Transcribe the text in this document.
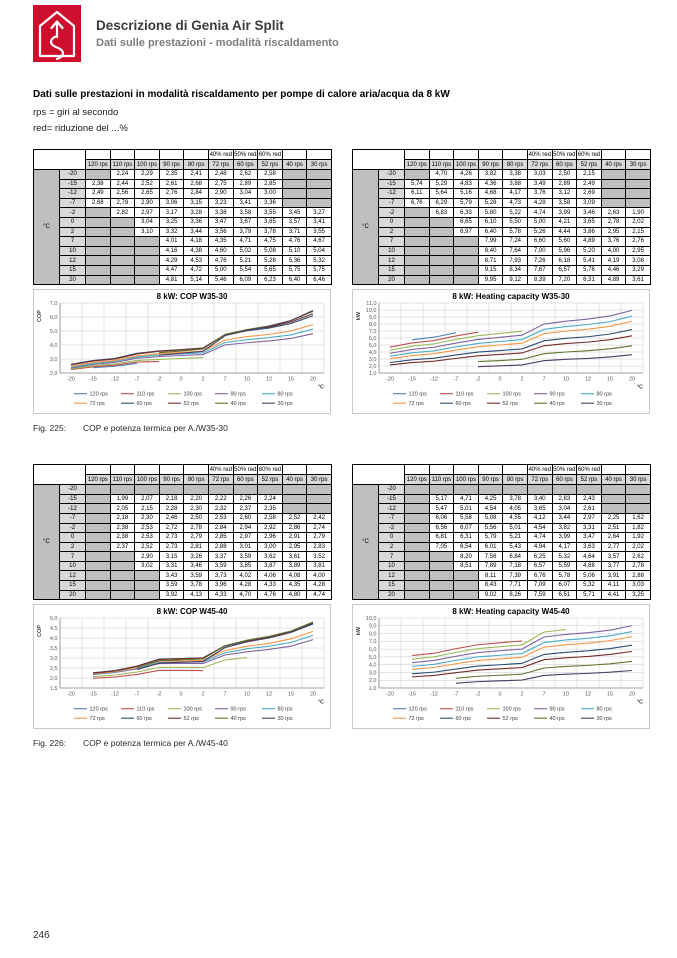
Descrizione di Genia Air Split
Dati sulle prestazioni - modalità riscaldamento

Dati sulle prestazioni in modalità riscaldamento per pompe di calore aria/acqua da 8 kW

rps = giri al secondo

red= riduzione del ...%

							40% red	50% red	60% red		
		120 rps	110 rps	100 rps	90 rps	80 rps	72 rps	60 rps	52 rps	40 rps	30 rps
°C	-20		2,24	2,29	2,35	2,41	2,48	2,62	2,58		
	-15	2,38	2,44	2,52	2,61	2,68	2,75	2,89	2,85		
	-12	2,49	2,56	2,65	2,76	2,84	2,90	3,04	3,00		
	-7	2,68	2,78	2,90	3,06	3,15	3,23	3,41	3,36		
	-2		2,82	2,97	3,17	3,28	3,38	3,58	3,55	3,45	3,27
	0			3,04	3,25	3,36	3,47	3,67	3,65	3,57	3,41
	2			3,10	3,32	3,44	3,56	3,79	3,78	3,71	3,55
	7				4,01	4,18	4,35	4,71	4,75	4,76	4,67
	10				4,16	4,38	4,60	5,02	5,08	5,10	5,04
	12				4,29	4,53	4,76	5,21	5,28	5,36	5,32
	15				4,47	4,72	5,00	5,54	5,65	5,75	5,75
	20				4,81	5,14	5,46	6,09	6,23	6,40	6,46
							40% red	50% red	60% red		
		120 rps	110 rps	100 rps	90 rps	80 rps	72 rps	60 rps	52 rps	40 rps	30 rps
°C	-20		4,70	4,26	3,82	3,38	3,03	2,50	2,15		
	-15	5,74	5,29	4,83	4,36	3,88	3,49	2,89	2,49		
	-12	6,11	5,64	5,16	4,68	4,17	3,76	3,12	2,69		
	-7	6,76	6,29	5,79	5,28	4,73	4,28	3,58	3,09		
	-2		6,83	6,33	5,80	5,22	4,74	3,99	3,46	2,63	1,90
	0			6,65	6,10	5,50	5,00	4,21	3,65	2,78	2,02
	2			6,97	6,40	5,78	5,26	4,44	3,86	2,95	2,15
	7				7,99	7,24	6,60	5,60	4,89	3,76	2,76
	10				8,40	7,64	7,00	5,96	5,20	4,00	2,95
	12				8,71	7,93	7,26	6,18	5,41	4,19	3,08
	15				9,15	8,34	7,67	6,57	5,76	4,46	3,29
	20				9,95	9,12	8,39	7,20	6,31	4,89	3,61
2,0
3,0
4,0
5,0
6,0
7,0
8 kW: COP W35-30
COP
-20	-15	-12	-7	-2	0	2	7	10	12	15	20
°C
120 rps	110 rps	100 rps	90 rps	80 rps
72 rps	60 rps	52 rps	40 rps	30 rps
1,0
2,0
3,0
4,0
5,0
6,0
7,0
8,0
9,0
10,0
11,0
8 kW: Heating capacity W35-30
kW
-20	-15	-12	-7	-2	0	2	7	10	12	15	20
°C
120 rps	110 rps	100 rps	90 rps	80 rps
72 rps	60 rps	52 rps	40 rps	30 rps
Fig. 225: COP e potenza termica per A./W35-30
							40% red	50% red	60% red		
		120 rps	110 rps	100 rps	90 rps	80 rps	72 rps	60 rps	52 rps	40 rps	30 rps
°C	-20										
	-15		1,99	2,07	2,18	2,20	2,22	2,26	2,24		
	-12		2,05	2,15	2,28	2,30	2,32	2,37	2,35		
	-7		2,18	2,30	2,46	2,50	2,53	2,60	2,58	2,52	2,42
	-2		2,38	2,53	2,72	2,78	2,84	2,94	2,92	2,86	2,74
	0		2,38	2,53	2,73	2,79	2,85	2,97	2,96	2,91	2,79
	2		2,37	2,52	2,73	2,81	2,88	3,01	3,00	2,95	2,83
	7			2,90	3,15	3,26	3,37	3,59	3,62	3,61	3,52
	10			3,02	3,31	3,46	3,59	3,85	3,87	3,89	3,81
	12				3,43	3,59	3,73	4,02	4,06	4,08	4,00
	15				3,59	3,78	3,96	4,28	4,33	4,35	4,28
	20				3,92	4,13	4,33	4,70	4,76	4,80	4,74
							40% red	50% red	60% red		
		120 rps	110 rps	100 rps	90 rps	80 rps	72 rps	60 rps	52 rps	40 rps	30 rps
°C	-20										
	-15		5,17	4,71	4,25	3,78	3,40	2,83	2,43		
	-12		5,47	5,01	4,54	4,05	3,65	3,04	2,61		
	-7		6,06	5,58	5,08	4,55	4,12	3,44	2,97	2,25	1,62
	-2		6,56	6,07	5,56	5,01	4,54	3,82	3,31	2,51	1,82
	0		6,81	6,31	5,79	5,21	4,74	3,99	3,47	2,64	1,92
	2		7,05	6,54	6,01	5,43	4,94	4,17	3,63	2,77	2,02
	7			8,20	7,56	6,84	6,25	5,32	4,64	3,57	2,62
	10			8,51	7,89	7,18	6,57	5,59	4,88	3,77	2,78
	12				8,11	7,39	6,76	5,78	5,06	3,91	2,88
	15				8,43	7,71	7,09	6,07	5,32	4,11	3,03
	20				9,02	8,26	7,59	6,51	5,71	4,41	3,25
1,5
2,0
2,5
3,0
3,5
4,0
4,5
5,0
8 kW: COP W45-40
COP
-20	-15	-12	-7	-2	0	2	7	10	12	15	20
°C
120 rps	110 rps	100 rps	90 rps	80 rps
72 rps	60 rps	52 rps	40 rps	30 rps
1,0
2,0
3,0
4,0
5,0
6,0
7,0
8,0
9,0
10,0
8 kW: Heating capacity W45-40
kW
-20	-15	-12	-7	-2	0	2	7	10	12	15	20
°C
120 rps	110 rps	100 rps	90 rps	80 rps
72 rps	60 rps	52 rps	40 rps	30 rps
Fig. 226: COP e potenza termica per A./W45-40
246
